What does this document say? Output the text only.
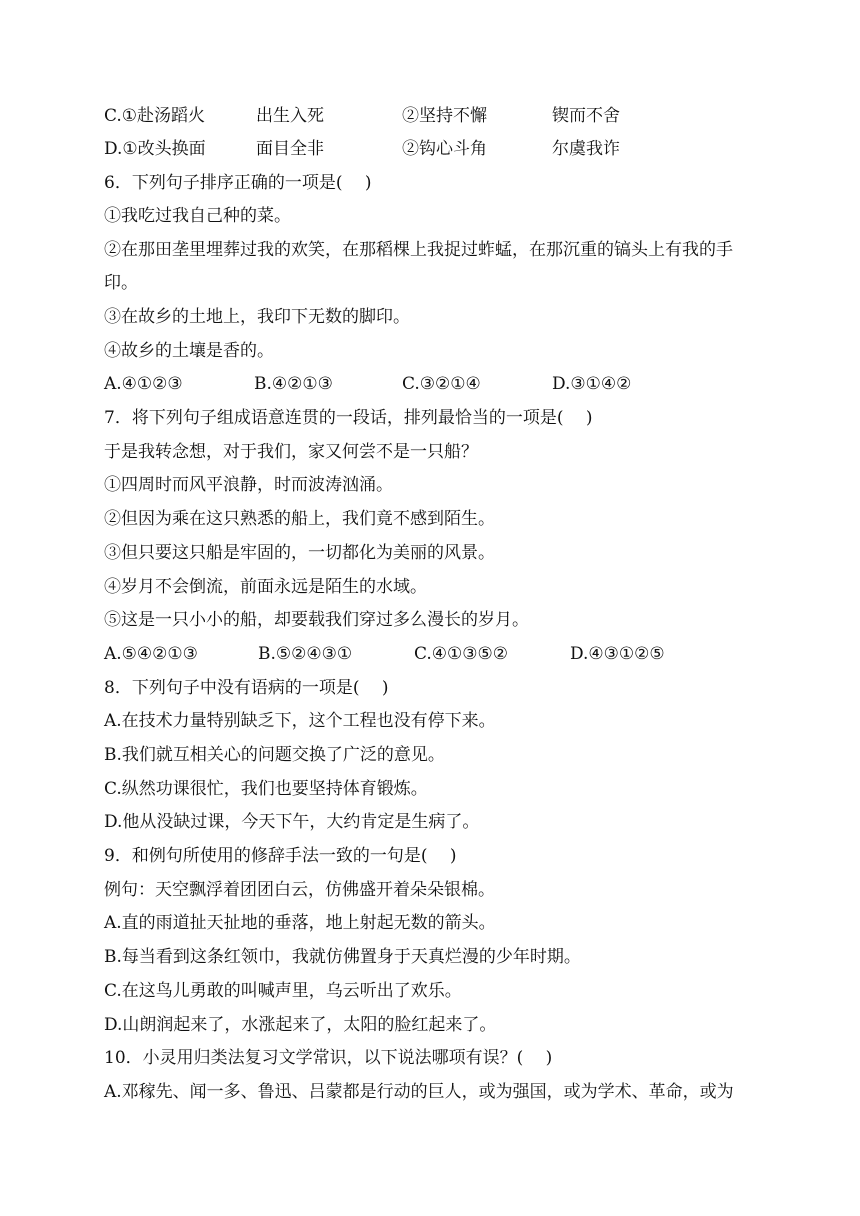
C.①赴汤蹈火	出生入死	②坚持不懈	锲而不舍
D.①改头换面	面目全非	②钩心斗角	尔虞我诈
6．下列句子排序正确的一项是(　 )
①我吃过我自己种的菜。
②在那田垄里埋葬过我的欢笑，在那稻棵上我捉过蚱蜢，在那沉重的镐头上有我的手
印。
③在故乡的土地上，我印下无数的脚印。
④故乡的土壤是香的。
A.④①②③	B.④②①③	C.③②①④	D.③①④②
7．将下列句子组成语意连贯的一段话，排列最恰当的一项是(　 )
于是我转念想，对于我们，家又何尝不是一只船？
①四周时而风平浪静，时而波涛汹涌。
②但因为乘在这只熟悉的船上，我们竟不感到陌生。
③但只要这只船是牢固的，一切都化为美丽的风景。
④岁月不会倒流，前面永远是陌生的水域。
⑤这是一只小小的船，却要载我们穿过多么漫长的岁月。
A.⑤④②①③	B.⑤②④③①	C.④①③⑤②	D.④③①②⑤
8．下列句子中没有语病的一项是(　 )
A.在技术力量特别缺乏下，这个工程也没有停下来。
B.我们就互相关心的问题交换了广泛的意见。
C.纵然功课很忙，我们也要坚持体育锻炼。
D.他从没缺过课，今天下午，大约肯定是生病了。
9．和例句所使用的修辞手法一致的一句是(　 )
例句：天空飘浮着团团白云，仿佛盛开着朵朵银棉。
A.直的雨道扯天扯地的垂落，地上射起无数的箭头。
B.每当看到这条红领巾，我就仿佛置身于天真烂漫的少年时期。
C.在这鸟儿勇敢的叫喊声里，乌云听出了欢乐。
D.山朗润起来了，水涨起来了，太阳的脸红起来了。
10．小灵用归类法复习文学常识，以下说法哪项有误？(　 )
A.邓稼先、闻一多、鲁迅、吕蒙都是行动的巨人，或为强国，或为学术、革命，或为
